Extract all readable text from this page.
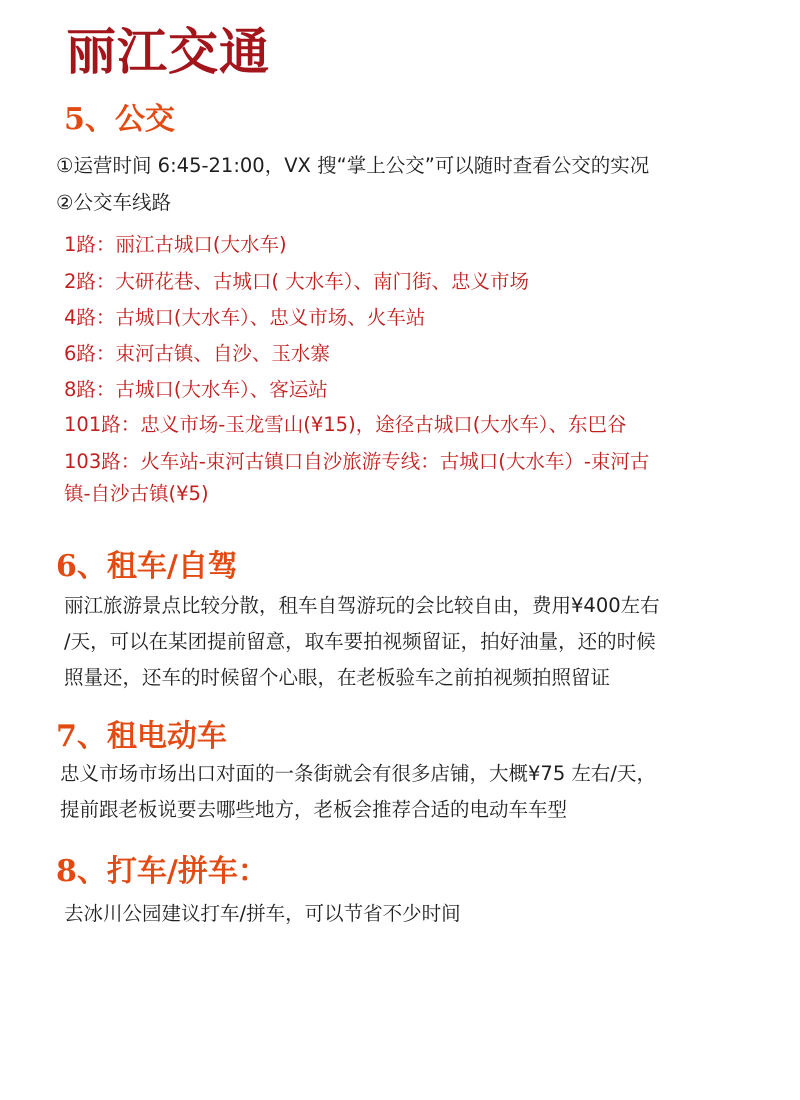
丽江交通
5、公交
①运营时间 6:45-21:00，VX 搜“掌上公交”可以随时查看公交的实况
②公交车线路
1路：丽江古城口(大水车)
2路：大研花巷、古城口( 大水车）、南门街、忠义市场
4路：古城口(大水车）、忠义市场、火车站
6路：束河古镇、自沙、玉水寨
8路：古城口(大水车）、客运站
101路：忠义市场-玉龙雪山(¥15)，途径古城口(大水车）、东巴谷
103路：火车站-束河古镇口自沙旅游专线：古城口(大水车）-束河古
镇-自沙古镇(¥5)
6、租车/自驾
丽江旅游景点比较分散，租车自驾游玩的会比较自由，费用¥400左右
/天，可以在某团提前留意，取车要拍视频留证，拍好油量，还的时候
照量还，还车的时候留个心眼，在老板验车之前拍视频拍照留证
7、租电动车
忠义市场市场出口对面的一条街就会有很多店铺，大概¥75 左右/天，
提前跟老板说要去哪些地方，老板会推荐合适的电动车车型
8、打车/拼车：
去冰川公园建议打车/拼车，可以节省不少时间
